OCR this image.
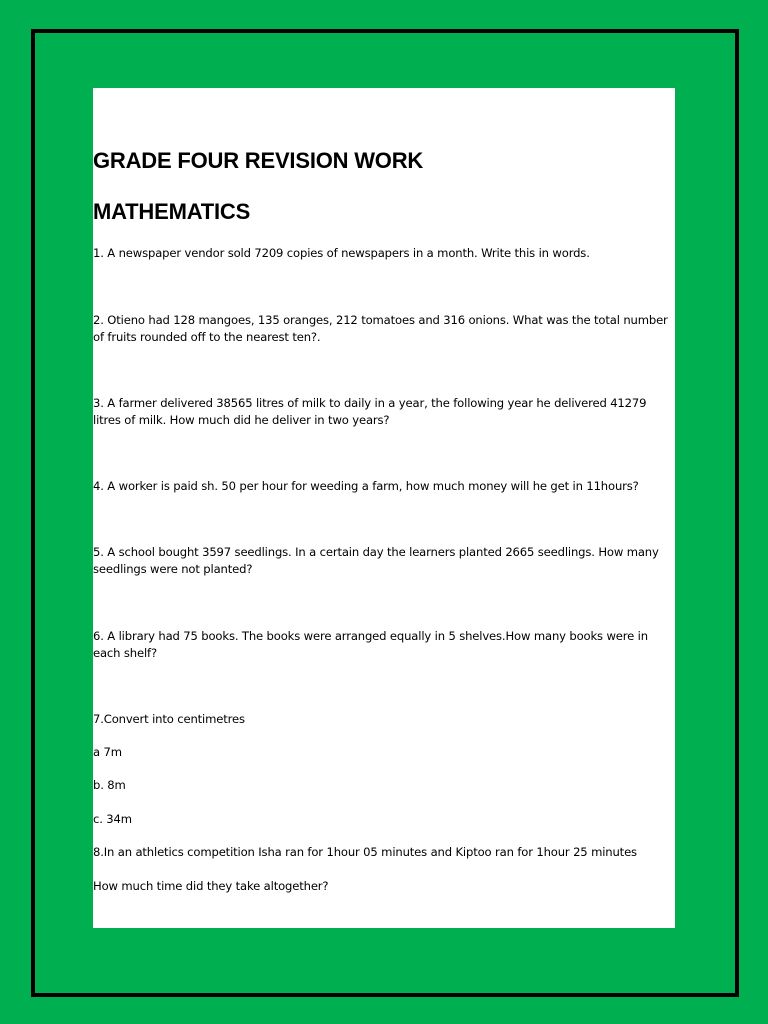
GRADE FOUR REVISION WORK
MATHEMATICS

1. A newspaper vendor sold 7209 copies of newspapers in a month. Write this in words.

2. Otieno had 128 mangoes, 135 oranges, 212 tomatoes and 316 onions. What was the total number of fruits rounded off to the nearest ten?.

3. A farmer delivered 38565 litres of milk to daily in a year, the following year he delivered 41279 litres of milk. How much did he deliver in two years?

4. A worker is paid sh. 50 per hour for weeding a farm, how much money will he get in 11hours?

5. A school bought 3597 seedlings. In a certain day the learners planted 2665 seedlings. How many seedlings were not planted?

6. A library had 75 books. The books were arranged equally in 5 shelves.How many books were in each shelf?

7.Convert into centimetres

a 7m

b. 8m

c. 34m

8.In an athletics competition Isha ran for 1hour 05 minutes and Kiptoo ran for 1hour 25 minutes

How much time did they take altogether?
